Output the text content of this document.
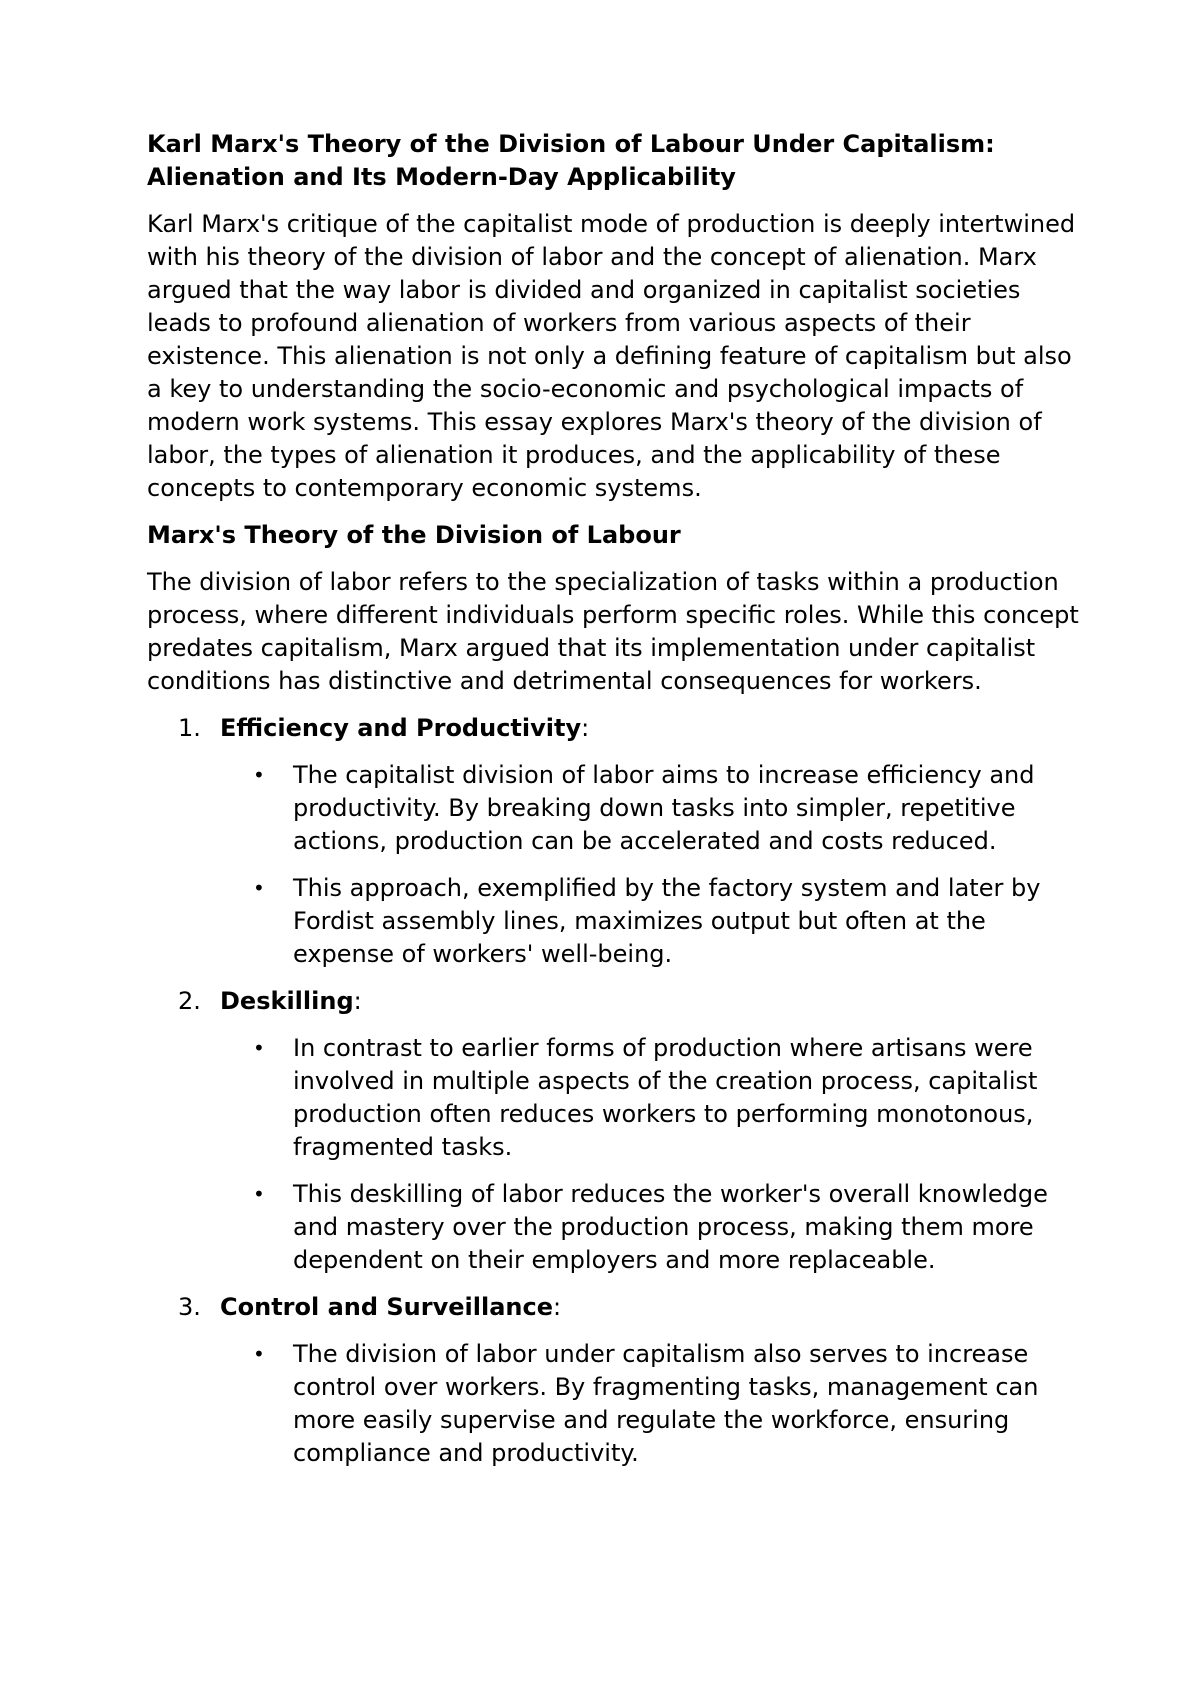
Karl Marx's Theory of the Division of Labour Under Capitalism: Alienation and Its Modern-Day Applicability

Karl Marx's critique of the capitalist mode of production is deeply intertwined with his theory of the division of labor and the concept of alienation. Marx argued that the way labor is divided and organized in capitalist societies leads to profound alienation of workers from various aspects of their existence. This alienation is not only a defining feature of capitalism but also a key to understanding the socio-economic and psychological impacts of modern work systems. This essay explores Marx's theory of the division of labor, the types of alienation it produces, and the applicability of these concepts to contemporary economic systems.

Marx's Theory of the Division of Labour

The division of labor refers to the specialization of tasks within a production process, where different individuals perform specific roles. While this concept predates capitalism, Marx argued that its implementation under capitalist conditions has distinctive and detrimental consequences for workers.

1. Efficiency and Productivity:
• The capitalist division of labor aims to increase efficiency and productivity. By breaking down tasks into simpler, repetitive actions, production can be accelerated and costs reduced.
• This approach, exemplified by the factory system and later by Fordist assembly lines, maximizes output but often at the expense of workers' well-being.
2. Deskilling:
• In contrast to earlier forms of production where artisans were involved in multiple aspects of the creation process, capitalist production often reduces workers to performing monotonous, fragmented tasks.
• This deskilling of labor reduces the worker's overall knowledge and mastery over the production process, making them more dependent on their employers and more replaceable.
3. Control and Surveillance:
• The division of labor under capitalism also serves to increase control over workers. By fragmenting tasks, management can more easily supervise and regulate the workforce, ensuring compliance and productivity.
